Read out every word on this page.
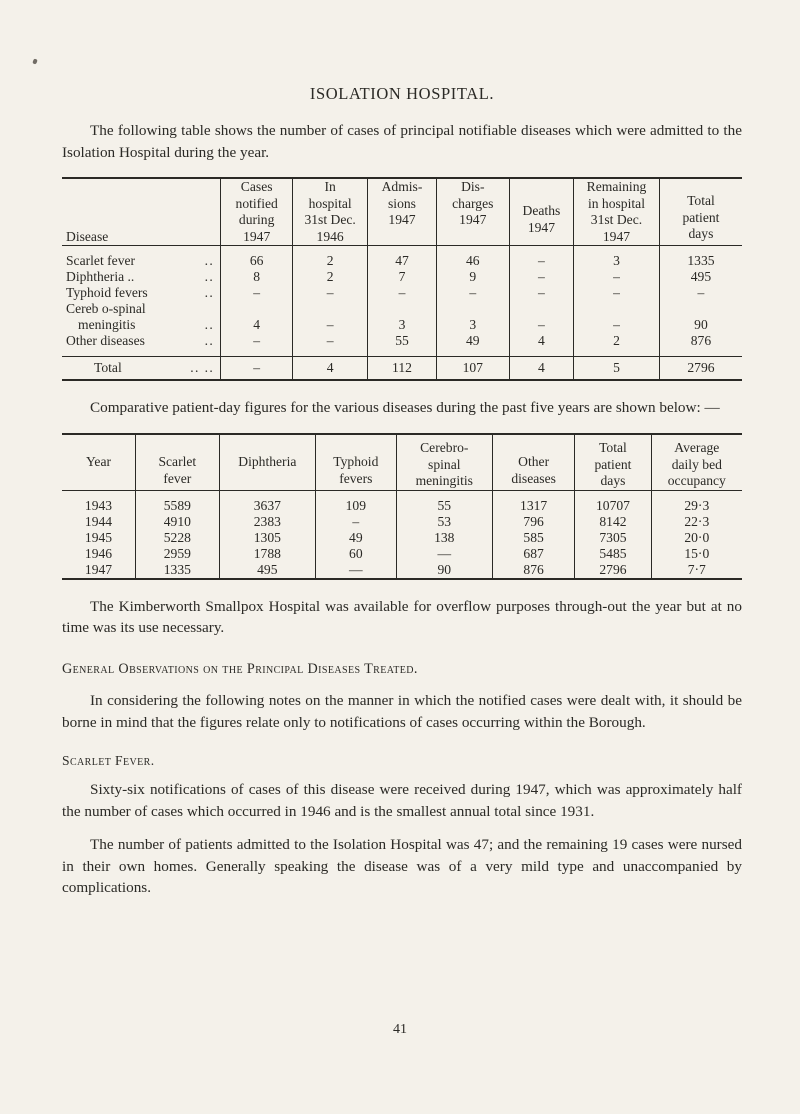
ISOLATION HOSPITAL.

The following table shows the number of cases of principal notifiable diseases which were admitted to the Isolation Hospital during the year.

Disease	Cases
notified
during
1947	In
hospital
31st Dec.
1946	Admis-
sions
1947	Dis-
charges
1947	Deaths
1947	Remaining
in hospital
31st Dec.
1947	Total
patient
days

Scarlet fever ..	66	2	47	46	–	3	1335
Diphtheria .. ..	8	2	7	9	–	–	495
Typhoid fevers ..	–	–	–	–	–	–	–
Cereb o-spinal							
meningitis ..	4	–	3	3	–	–	90
Other diseases ..	–	–	55	49	4	2	876

Total .. ..	–	4	112	107	4	5	2796

Comparative patient-day figures for the various diseases during the past five years are shown below: —

Year	Scarlet
fever	Diphtheria	Typhoid
fevers	Cerebro-
spinal
meningitis	Other
diseases	Total
patient
days	Average
daily bed
occupancy

1943	5589	3637	109	55	1317	10707	29·3
1944	4910	2383	–	53	796	8142	22·3
1945	5228	1305	49	138	585	7305	20·0
1946	2959	1788	60	—	687	5485	15·0
1947	1335	495	—	90	876	2796	7·7

The Kimberworth Smallpox Hospital was available for overflow purposes through-out the year but at no time was its use necessary.

General Observations on the Principal Diseases Treated.

In considering the following notes on the manner in which the notified cases were dealt with, it should be borne in mind that the figures relate only to notifications of cases occurring within the Borough.

Scarlet Fever.

Sixty-six notifications of cases of this disease were received during 1947, which was approximately half the number of cases which occurred in 1946 and is the smallest annual total since 1931.

The number of patients admitted to the Isolation Hospital was 47; and the remaining 19 cases were nursed in their own homes. Generally speaking the disease was of a very mild type and unaccompanied by complications.

41
